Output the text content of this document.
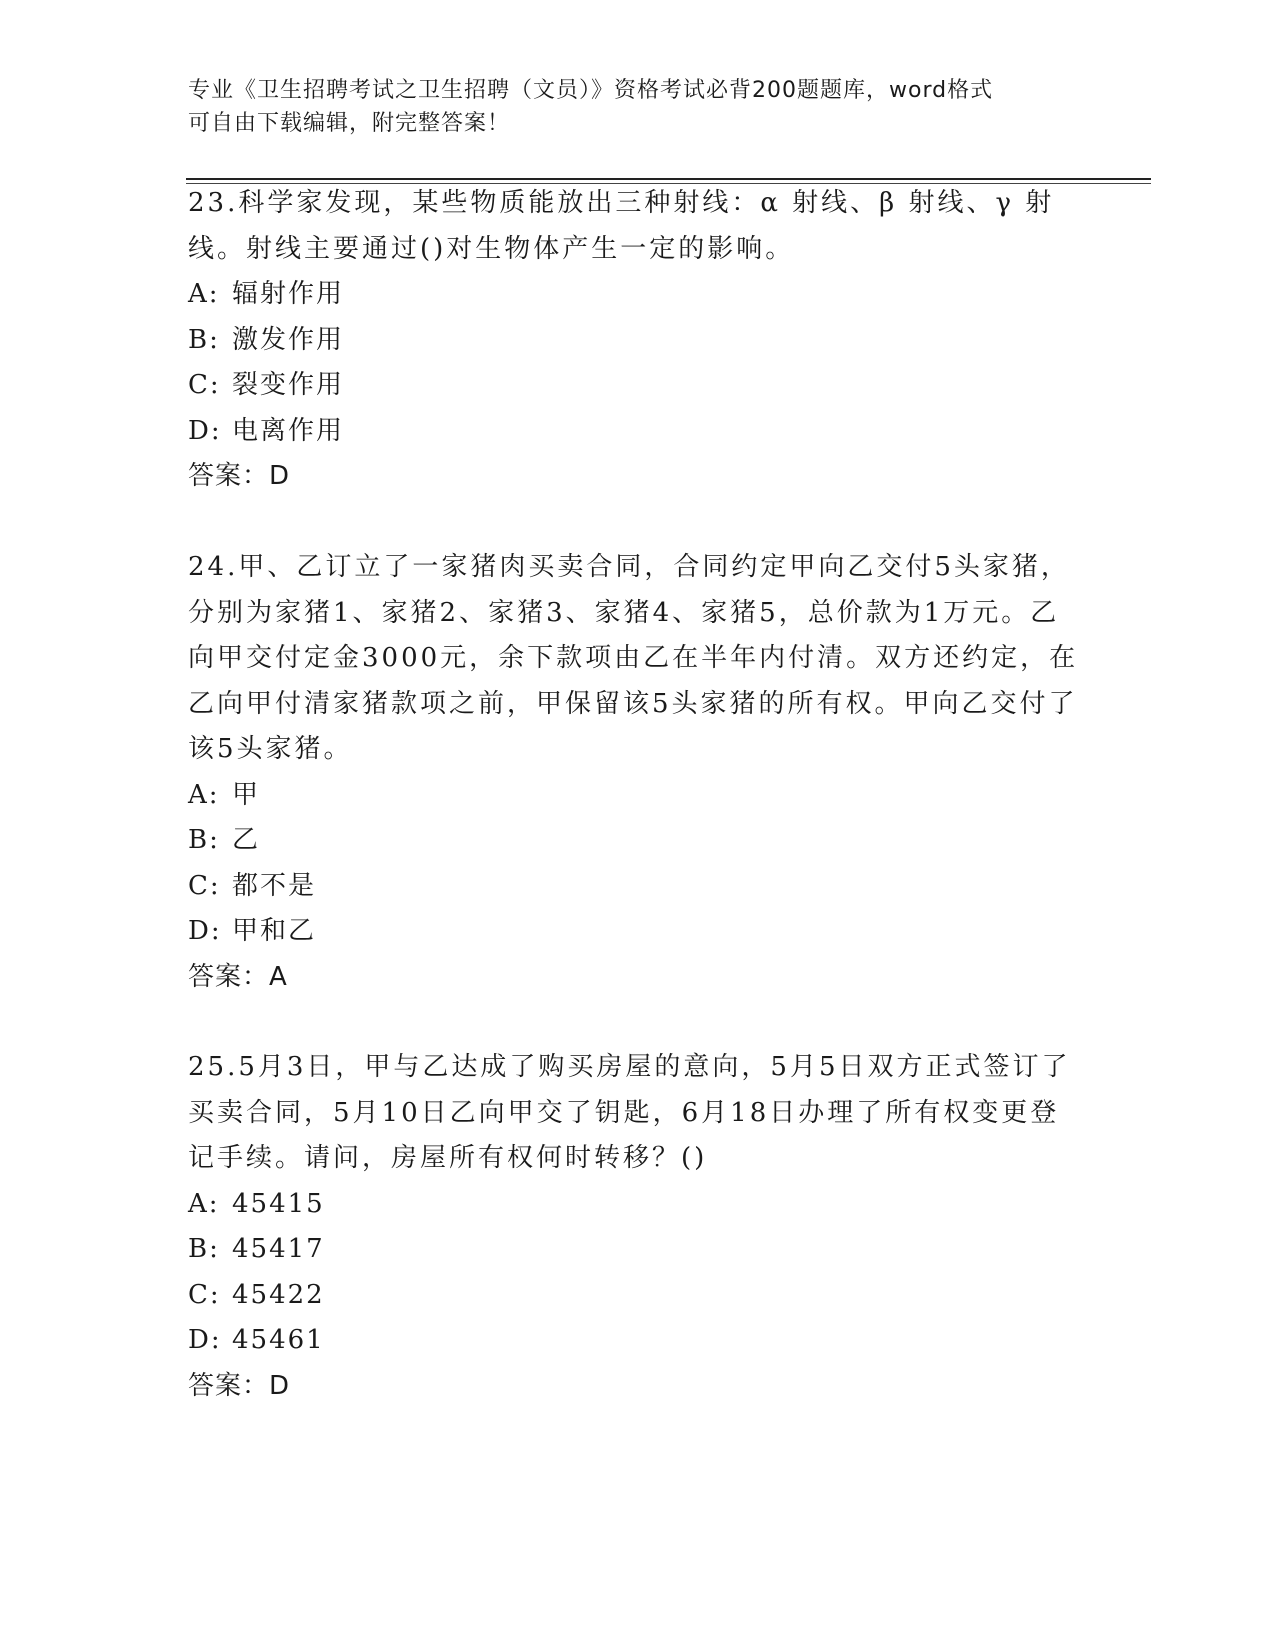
专业《卫生招聘考试之卫生招聘（文员）》资格考试必背200题题库，word格式
可自由下载编辑，附完整答案！

23.科学家发现，某些物质能放出三种射线：α 射线、β 射线、γ 射线。射线主要通过()对生物体产生一定的影响。

A: 辐射作用

B: 激发作用

C: 裂变作用

D: 电离作用

答案：D

24.甲、乙订立了一家猪肉买卖合同，合同约定甲向乙交付5头家猪，分别为家猪1、家猪2、家猪3、家猪4、家猪5，总价款为1万元。乙向甲交付定金3000元，余下款项由乙在半年内付清。双方还约定，在乙向甲付清家猪款项之前，甲保留该5头家猪的所有权。甲向乙交付了该5头家猪。

A: 甲

B: 乙

C: 都不是

D: 甲和乙

答案：A

25.5月3日，甲与乙达成了购买房屋的意向，5月5日双方正式签订了买卖合同，5月10日乙向甲交了钥匙，6月18日办理了所有权变更登记手续。请问，房屋所有权何时转移？()

A: 45415

B: 45417

C: 45422

D: 45461

答案：D
